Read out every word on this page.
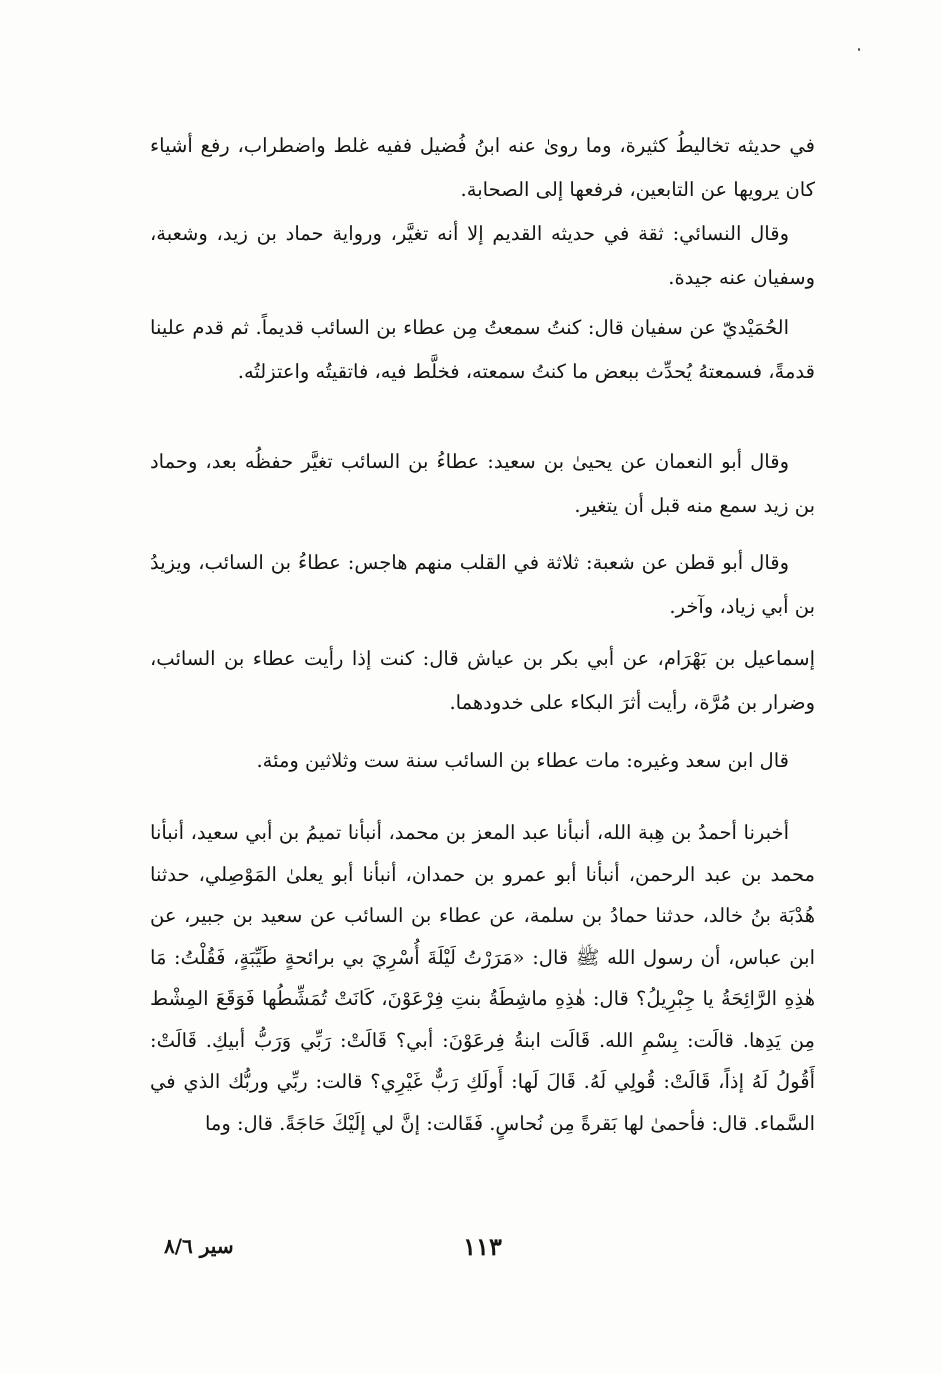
في حديثه تخاليطُ كثيرة، وما روىٰ عنه ابنُ فُضيل ففيه غلط واضطراب، رفع أشياء كان يرويها عن التابعين، فرفعها إلى الصحابة.

وقال النسائي: ثقة في حديثه القديم إلا أنه تغيَّر، ورواية حماد بن زيد، وشعبة، وسفيان عنه جيدة.

الحُمَيْديّ عن سفيان قال: كنتُ سمعتُ مِن عطاء بن السائب قديماً. ثم قدم علينا قدمةً، فسمعتهُ يُحدِّث ببعض ما كنتُ سمعته، فخلَّط فيه، فاتقيتُه واعتزلتُه.

وقال أبو النعمان عن يحيىٰ بن سعيد: عطاءُ بن السائب تغيَّر حفظُه بعد، وحماد بن زيد سمع منه قبل أن يتغير.

وقال أبو قطن عن شعبة: ثلاثة في القلب منهم هاجس: عطاءُ بن السائب، ويزيدُ بن أبي زياد، وآخر.

إسماعيل بن بَهْرَام، عن أبي بكر بن عياش قال: كنت إذا رأيت عطاء بن السائب، وضرار بن مُرَّة، رأيت أثرَ البكاء على خدودهما.

قال ابن سعد وغيره: مات عطاء بن السائب سنة ست وثلاثين ومئة.

أخبرنا أحمدُ بن هِبة الله، أنبأنا عبد المعز بن محمد، أنبأنا تميمُ بن أبي سعيد، أنبأنا محمد بن عبد الرحمن، أنبأنا أبو عمرو بن حمدان، أنبأنا أبو يعلىٰ المَوْصِلي، حدثنا هُدْبَة بنُ خالد، حدثنا حمادُ بن سلمة، عن عطاء بن السائب عن سعيد بن جبير، عن ابن عباس، أن رسول الله ﷺ قال: «مَرَرْتُ لَيْلَةَ أُسْرِيَ بي برائحةٍ طَيِّبَةٍ، فَقُلْتُ: مَا هٰذِهِ الرَّائِحَةُ يا جِبْرِيلُ؟ قال: هٰذِهِ ماشِطَةُ بنتِ فِرْعَوْنَ، كَانَتْ تُمَشِّطُها فَوَقَعَ المِشْط مِن يَدِها. قالَت: بِسْمِ الله. قَالَت ابنةُ فِرعَوْنَ: أبي؟ قَالَتْ: رَبِّي وَرَبُّ أبيكِ. قَالَتْ: أَقُولُ لَهُ إذاً، قَالَتْ: قُولِي لَهُ. قَالَ لَها: أَولَكِ رَبٌّ غَيْرِي؟ قالت: ربِّي وربُّك الذي في السَّماء. قال: فأحمىٰ لها بَقرةً مِن نُحاسٍ. فَقَالت: إنَّ لي إلَيْكَ حَاجَةً. قال: وما

١١٣
سير ٨/٦
